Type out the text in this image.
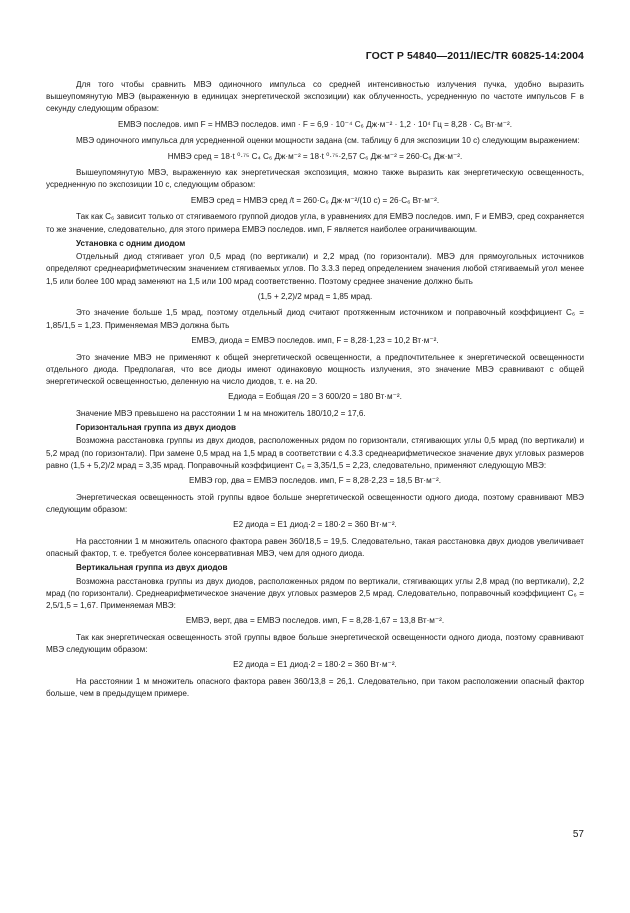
ГОСТ Р 54840—2011/IEC/TR 60825-14:2004

Для того чтобы сравнить МВЭ одиночного импульса со средней интенсивностью излучения пучка, удобно выразить вышеупомянутую МВЭ (выраженную в единицах энергетической экспозиции) как облученность, усредненную по частоте импульсов F в секунду следующим образом:

EМВЭ последов. имп F = HМВЭ последов. имп · F = 6,9 · 10⁻⁴ C₆ Дж·м⁻² · 1,2 · 10⁴ Гц = 8,28 · C₆ Вт·м⁻².

МВЭ одиночного импульса для усредненной оценки мощности задана (см. таблицу 6 для экспозиции 10 с) следующим выражением:

HМВЭ сред = 18·t ⁰·⁷⁵ C₄ C₆ Дж·м⁻² = 18·t ⁰·⁷⁵·2,57 C₆ Дж·м⁻² = 260·C₆ Дж·м⁻².

Вышеупомянутую МВЭ, выраженную как энергетическая экспозиция, можно также выразить как энергетическую освещенность, усредненную по экспозиции 10 с, следующим образом:

EМВЭ сред = HМВЭ сред /t = 260·C₆ Дж·м⁻²/(10 с) = 26·C₆ Вт·м⁻².

Так как C₆ зависит только от стягиваемого группой диодов угла, в уравнениях для EМВЭ последов. имп, F и EМВЭ, сред сохраняется то же значение, следовательно, для этого примера EМВЭ последов. имп, F является наиболее ограничивающим.

Установка с одним диодом

Отдельный диод стягивает угол 0,5 мрад (по вертикали) и 2,2 мрад (по горизонтали). МВЭ для прямоугольных источников определяют среднеарифметическим значением стягиваемых углов. По 3.3.3 перед определением значения любой стягиваемый угол менее 1,5 или более 100 мрад заменяют на 1,5 или 100 мрад соответственно. Поэтому среднее значение должно быть

(1,5 + 2,2)/2 мрад = 1,85 мрад.

Это значение больше 1,5 мрад, поэтому отдельный диод считают протяженным источником и поправочный коэффициент C₆ = 1,85/1,5 = 1,23. Применяемая МВЭ должна быть

EМВЭ, диода = EМВЭ последов. имп, F = 8,28·1,23 = 10,2 Вт·м⁻².

Это значение МВЭ не применяют к общей энергетической освещенности, а предпочтительнее к энергетической освещенности отдельного диода. Предполагая, что все диоды имеют одинаковую мощность излучения, это значение МВЭ сравнивают с общей энергетической освещенностью, деленную на число диодов, т. е. на 20.

Eдиода = Eобщая /20 = 3 600/20 = 180 Вт·м⁻².

Значение МВЭ превышено на расстоянии 1 м на множитель 180/10,2 = 17,6.

Горизонтальная группа из двух диодов

Возможна расстановка группы из двух диодов, расположенных рядом по горизонтали, стягивающих углы 0,5 мрад (по вертикали) и 5,2 мрад (по горизонтали). При замене 0,5 мрад на 1,5 мрад в соответствии с 4.3.3 среднеарифметическое значение двух угловых размеров равно (1,5 + 5,2)/2 мрад = 3,35 мрад. Поправочный коэффициент C₆ = 3,35/1,5 = 2,23, следовательно, применяют следующую МВЭ:

EМВЭ гор, два = EМВЭ последов. имп, F = 8,28·2,23 = 18,5 Вт·м⁻².

Энергетическая освещенность этой группы вдвое больше энергетической освещенности одного диода, поэтому сравнивают МВЭ следующим образом:

E2 диода = E1 диод·2 = 180·2 = 360 Вт·м⁻².

На расстоянии 1 м множитель опасного фактора равен 360/18,5 = 19,5. Следовательно, такая расстановка двух диодов увеличивает опасный фактор, т. е. требуется более консервативная МВЭ, чем для одного диода.

Вертикальная группа из двух диодов

Возможна расстановка группы из двух диодов, расположенных рядом по вертикали, стягивающих углы 2,8 мрад (по вертикали), 2,2 мрад (по горизонтали). Среднеарифметическое значение двух угловых размеров 2,5 мрад. Следовательно, поправочный коэффициент C₆ = 2,5/1,5 = 1,67. Применяемая МВЭ:

EМВЭ, верт, два = EМВЭ последов. имп, F = 8,28·1,67 = 13,8 Вт·м⁻².

Так как энергетическая освещенность этой группы вдвое больше энергетической освещенности одного диода, поэтому сравнивают МВЭ следующим образом:

E2 диода = E1 диод·2 = 180·2 = 360 Вт·м⁻².

На расстоянии 1 м множитель опасного фактора равен 360/13,8 = 26,1. Следовательно, при таком расположении опасный фактор больше, чем в предыдущем примере.

57
